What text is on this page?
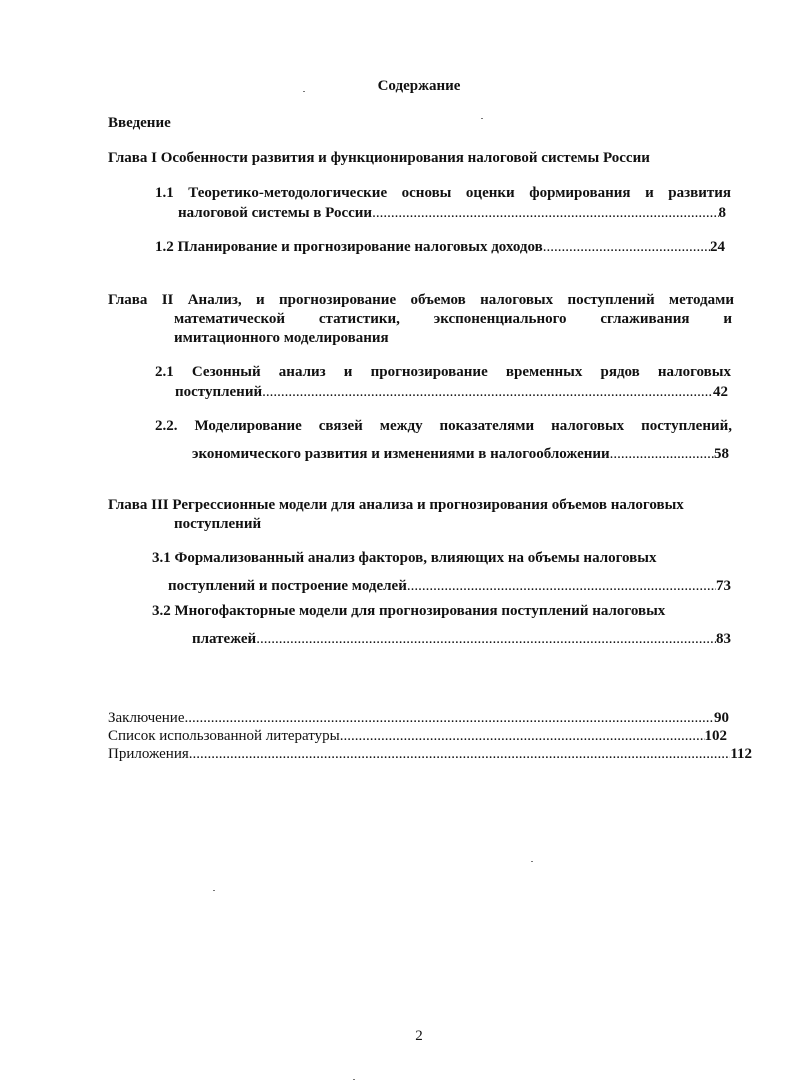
Содержание
Введение
Глава I Особенности развития и функционирования налоговой системы России
1.1 Теоретико-методологические основы оценки формирования и развития
налоговой системы в России .....	8
1.2 Планирование и прогнозирование налоговых доходов .....	24
Глава II Анализ, и прогнозирование объемов налоговых поступлений методами
математической статистики, экспоненциального сглаживания и
имитационного моделирования
2.1 Сезонный анализ и прогнозирование временных рядов налоговых
поступлений .....	42
2.2. Моделирование связей между показателями налоговых поступлений,
экономического развития и изменениями в налогообложении .....	58
Глава III Регрессионные модели для анализа и прогнозирования объемов налоговых
поступлений
3.1 Формализованный анализ факторов, влияющих на объемы налоговых
поступлений и построение моделей .....	73
3.2 Многофакторные модели для прогнозирования поступлений налоговых
платежей .....	83
Заключение .....	90
Список использованной литературы .....	102
Приложения .....	112
2
